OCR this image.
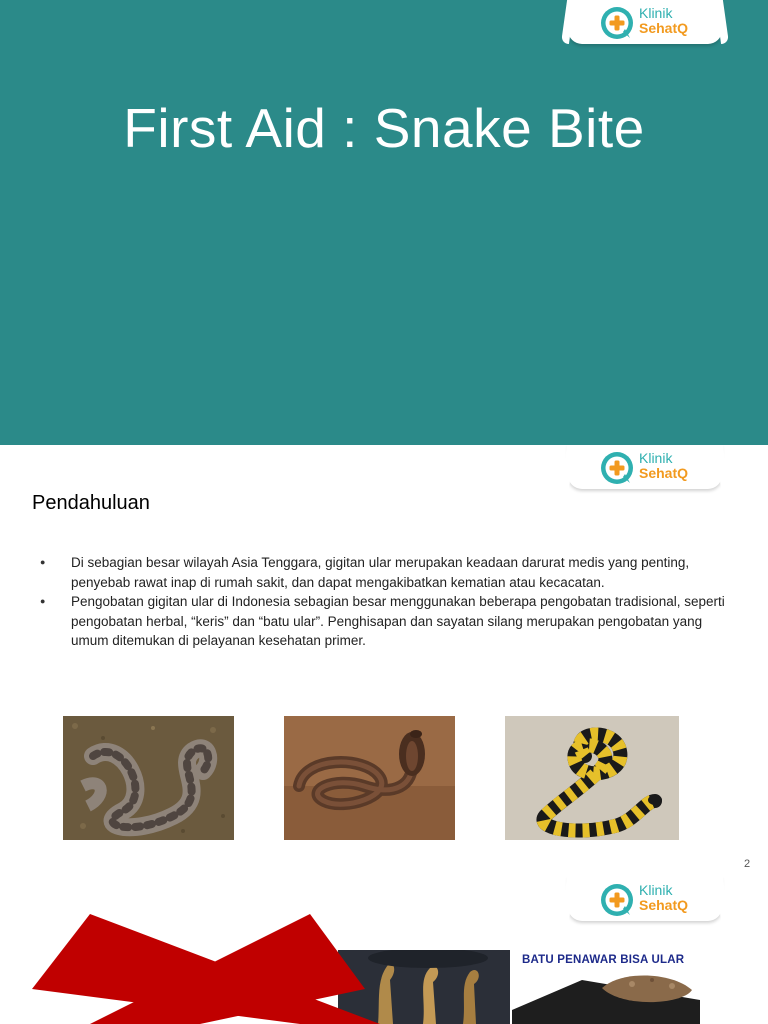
Klinik
SehatQ
First Aid : Snake Bite
Klinik
SehatQ
Pendahuluan
● Di sebagian besar wilayah Asia Tenggara, gigitan ular merupakan keadaan darurat medis yang penting, penyebab rawat inap di rumah sakit, dan dapat mengakibatkan kematian atau kecacatan.
● Pengobatan gigitan ular di Indonesia sebagian besar menggunakan beberapa pengobatan tradisional, seperti pengobatan herbal, “keris” dan “batu ular”. Penghisapan dan sayatan silang merupakan pengobatan yang umum ditemukan di pelayanan kesehatan primer.
2
Klinik
SehatQ
BATU PENAWAR BISA ULAR
